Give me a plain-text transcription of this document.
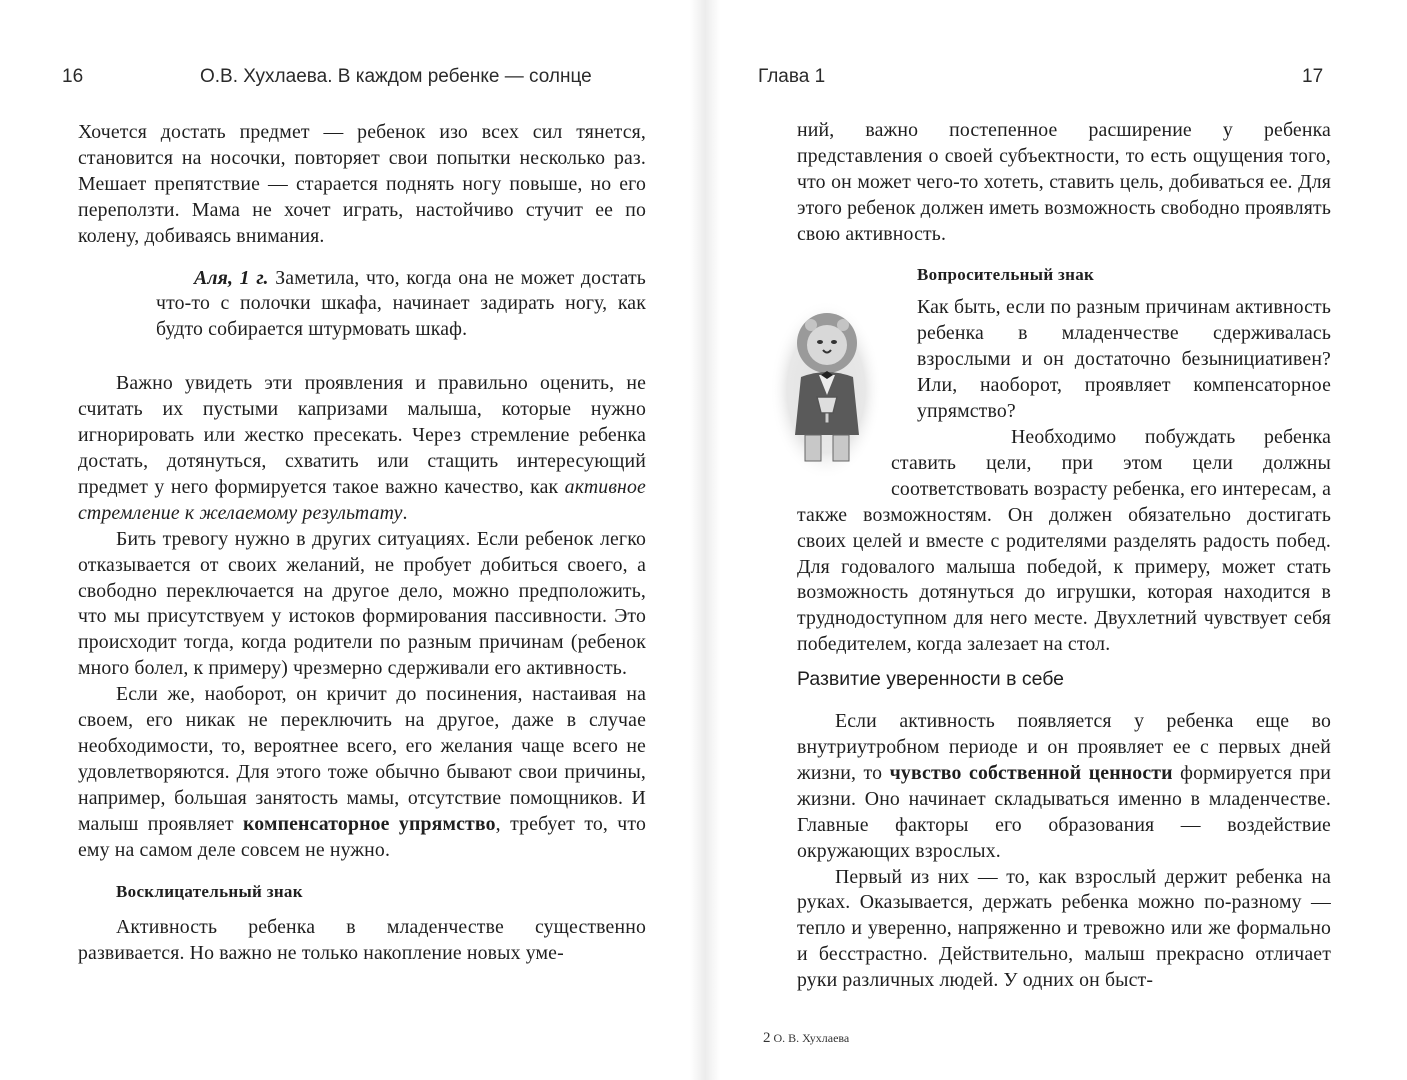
16	О.В. Хухлаева. В каждом ребенке — солнце

Хочется достать предмет — ребенок изо всех сил тянется, становится на носочки, повторяет свои попытки несколько раз. Мешает препятствие — старается поднять ногу повыше, но его переползти. Мама не хочет играть, настойчиво стучит ее по колену, добиваясь внимания.

Аля, 1 г. Заметила, что, когда она не может достать что-то с полочки шкафа, начинает задирать ногу, как будто собирается штурмовать шкаф.

Важно увидеть эти проявления и правильно оценить, не считать их пустыми капризами малыша, которые нужно игнорировать или жестко пресекать. Через стремление ребенка достать, дотянуться, схватить или стащить интересующий предмет у него формируется такое важно качество, как активное стремление к желаемому результату.

Бить тревогу нужно в других ситуациях. Если ребенок легко отказывается от своих желаний, не пробует добиться своего, а свободно переключается на другое дело, можно предположить, что мы присутствуем у истоков формирования пассивности. Это происходит тогда, когда родители по разным причинам (ребенок много болел, к примеру) чрезмерно сдерживали его активность.

Если же, наоборот, он кричит до посинения, настаивая на своем, его никак не переключить на другое, даже в случае необходимости, то, вероятнее всего, его желания чаще всего не удовлетворяются. Для этого тоже обычно бывают свои причины, например, большая занятость мамы, отсутствие помощников. И малыш проявляет компенсаторное упрямство, требует то, что ему на самом деле совсем не нужно.

Восклицательный знак

Активность ребенка в младенчестве существенно развивается. Но важно не только накопление новых уме-

Глава 1	17

ний, важно постепенное расширение у ребенка представления о своей субъектности, то есть ощущения того, что он может чего-то хотеть, ставить цель, добиваться ее. Для этого ребенок должен иметь возможность свободно проявлять свою активность.

Вопросительный знак

Как быть, если по разным причинам активность ребенка в младенчестве сдерживалась взрослыми и он достаточно безынициативен? Или, наоборот, проявляет компенсаторное упрямство?

Необходимо побуждать ребенка ставить цели, при этом цели должны соответствовать возрасту ребенка, его интересам, а также возможностям. Он должен обязательно достигать своих целей и вместе с родителями разделять радость побед. Для годовалого малыша победой, к примеру, может стать возможность дотянуться до игрушки, которая находится в труднодоступном для него месте. Двухлетний чувствует себя победителем, когда залезает на стол.

Развитие уверенности в себе

Если активность появляется у ребенка еще во внутриутробном периоде и он проявляет ее с первых дней жизни, то чувство собственной ценности формируется при жизни. Оно начинает складываться именно в младенчестве. Главные факторы его образования — воздействие окружающих взрослых.

Первый из них — то, как взрослый держит ребенка на руках. Оказывается, держать ребенка можно по-разному — тепло и уверенно, напряженно и тревожно или же формально и бесстрастно. Действительно, малыш прекрасно отличает руки различных людей. У одних он быст-

2 О. В. Хухлаева
